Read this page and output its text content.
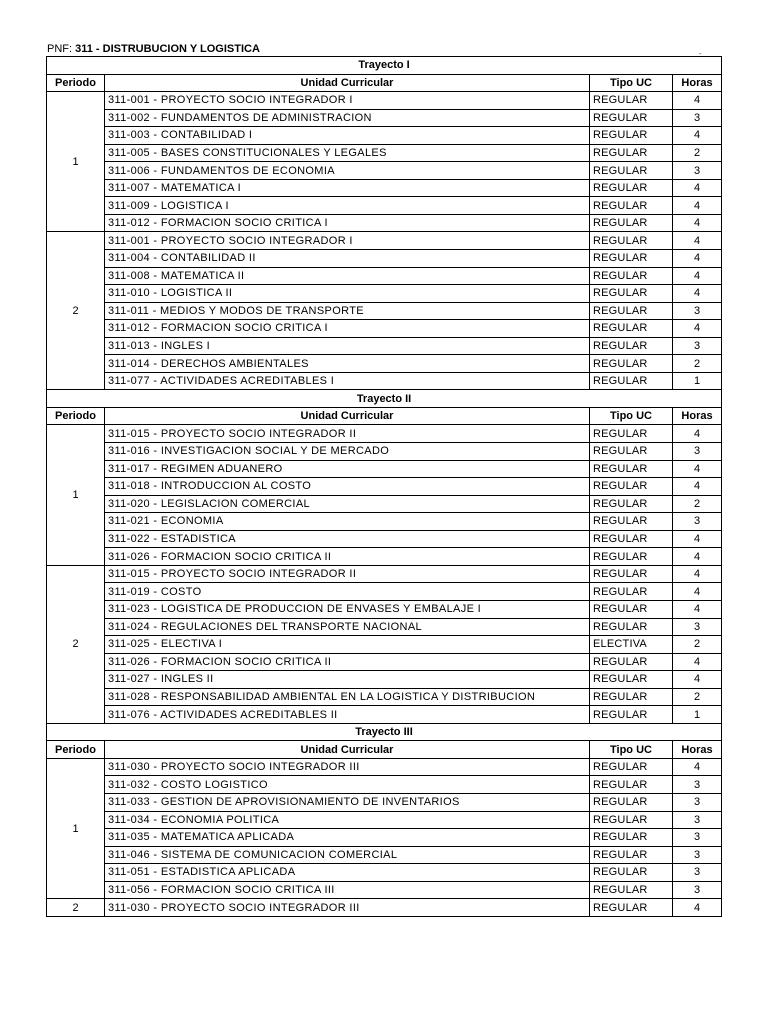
PNF: 311 - DISTRUBUCION Y LOGISTICA	-
Trayecto I			
Periodo	Unidad Curricular	Tipo UC	Horas
1	311-001 - PROYECTO SOCIO INTEGRADOR I	REGULAR	4
	311-002 - FUNDAMENTOS DE ADMINISTRACION	REGULAR	3
	311-003 - CONTABILIDAD I	REGULAR	4
	311-005 - BASES CONSTITUCIONALES Y LEGALES	REGULAR	2
	311-006 - FUNDAMENTOS DE ECONOMIA	REGULAR	3
	311-007 - MATEMATICA I	REGULAR	4
	311-009 - LOGISTICA I	REGULAR	4
	311-012 - FORMACION SOCIO CRITICA I	REGULAR	4
2	311-001 - PROYECTO SOCIO INTEGRADOR I	REGULAR	4
	311-004 - CONTABILIDAD II	REGULAR	4
	311-008 - MATEMATICA II	REGULAR	4
	311-010 - LOGISTICA II	REGULAR	4
	311-011 - MEDIOS Y MODOS DE TRANSPORTE	REGULAR	3
	311-012 - FORMACION SOCIO CRITICA I	REGULAR	4
	311-013 - INGLES I	REGULAR	3
	311-014 - DERECHOS AMBIENTALES	REGULAR	2
	311-077 - ACTIVIDADES ACREDITABLES I	REGULAR	1
Trayecto II			
Periodo	Unidad Curricular	Tipo UC	Horas
1	311-015 - PROYECTO SOCIO INTEGRADOR II	REGULAR	4
	311-016 - INVESTIGACION SOCIAL Y DE MERCADO	REGULAR	3
	311-017 - REGIMEN ADUANERO	REGULAR	4
	311-018 - INTRODUCCION AL COSTO	REGULAR	4
	311-020 - LEGISLACION COMERCIAL	REGULAR	2
	311-021 - ECONOMIA	REGULAR	3
	311-022 - ESTADISTICA	REGULAR	4
	311-026 - FORMACION SOCIO CRITICA II	REGULAR	4
2	311-015 - PROYECTO SOCIO INTEGRADOR II	REGULAR	4
	311-019 - COSTO	REGULAR	4
	311-023 - LOGISTICA DE PRODUCCION DE ENVASES Y EMBALAJE I	REGULAR	4
	311-024 - REGULACIONES DEL TRANSPORTE NACIONAL	REGULAR	3
	311-025 - ELECTIVA I	ELECTIVA	2
	311-026 - FORMACION SOCIO CRITICA II	REGULAR	4
	311-027 - INGLES II	REGULAR	4
	311-028 - RESPONSABILIDAD AMBIENTAL EN LA LOGISTICA Y DISTRIBUCION	REGULAR	2
	311-076 - ACTIVIDADES ACREDITABLES II	REGULAR	1
Trayecto III			
Periodo	Unidad Curricular	Tipo UC	Horas
1	311-030 - PROYECTO SOCIO INTEGRADOR III	REGULAR	4
	311-032 - COSTO LOGISTICO	REGULAR	3
	311-033 - GESTION DE APROVISIONAMIENTO DE INVENTARIOS	REGULAR	3
	311-034 - ECONOMIA POLITICA	REGULAR	3
	311-035 - MATEMATICA APLICADA	REGULAR	3
	311-046 - SISTEMA DE COMUNICACION COMERCIAL	REGULAR	3
	311-051 - ESTADISTICA APLICADA	REGULAR	3
	311-056 - FORMACION SOCIO CRITICA III	REGULAR	3
2	311-030 - PROYECTO SOCIO INTEGRADOR III	REGULAR	4
